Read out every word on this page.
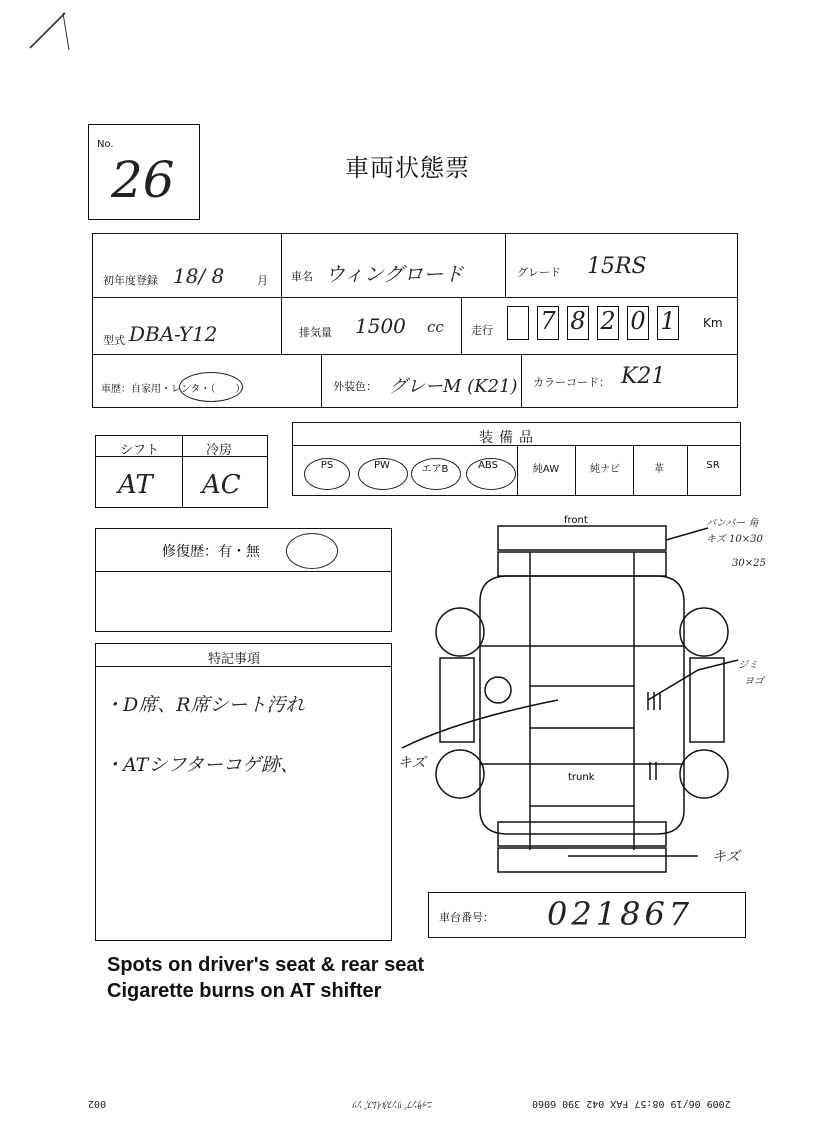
No.
26	車両状態票
初年度登録 18/ 8	月 車名 ウィングロード	グレード 15RS
型式 DBA-Y12	排気量 1500 cc 走行 7 8 2 0 1 Km
車歴：自家用・レンタ・（　　）	外装色： グレーM (K21) カラーコード： K21
シフト	冷房
AT AC
装備品
PS	PW	エアB	ABS	純AW	純ナビ	革	SR
修復歴：有・無
特記事項
・D席、R席シート汚れ
・ATシフターコゲ跡、
front
trunk
バンパー 角
キズ 10×30
30×25
ジミ
ヨゴ
キズ
キズ
車台番号： 021867
Spots on driver's seat & rear seat
Cigarette burns on AT shifter
2009 06/19 08:57 FAX 042 390 6060
ﾆｯｻﾝﾌﾟﾘﾝｽﾀｲﾑｽﾞﾝｿ
002
